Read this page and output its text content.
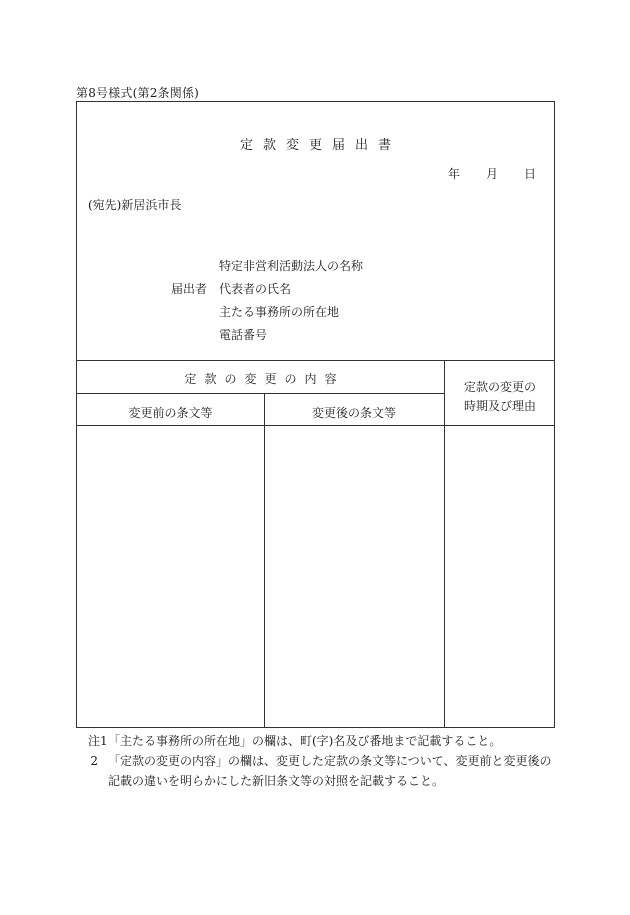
第8号様式(第2条関係)
定款変更届出書
年 月 日
(宛先)新居浜市長
届出者
特定非営利活動法人の名称
代表者の氏名
主たる事務所の所在地
電話番号
定款の変更の内容
変更前の条文等	変更後の条文等
定款の変更の
時期及び理由
注1 「主たる事務所の所在地」の欄は、町(字)名及び番地まで記載すること。
2 「定款の変更の内容」の欄は、変更した定款の条文等について、変更前と変更後の
記載の違いを明らかにした新旧条文等の対照を記載すること。
